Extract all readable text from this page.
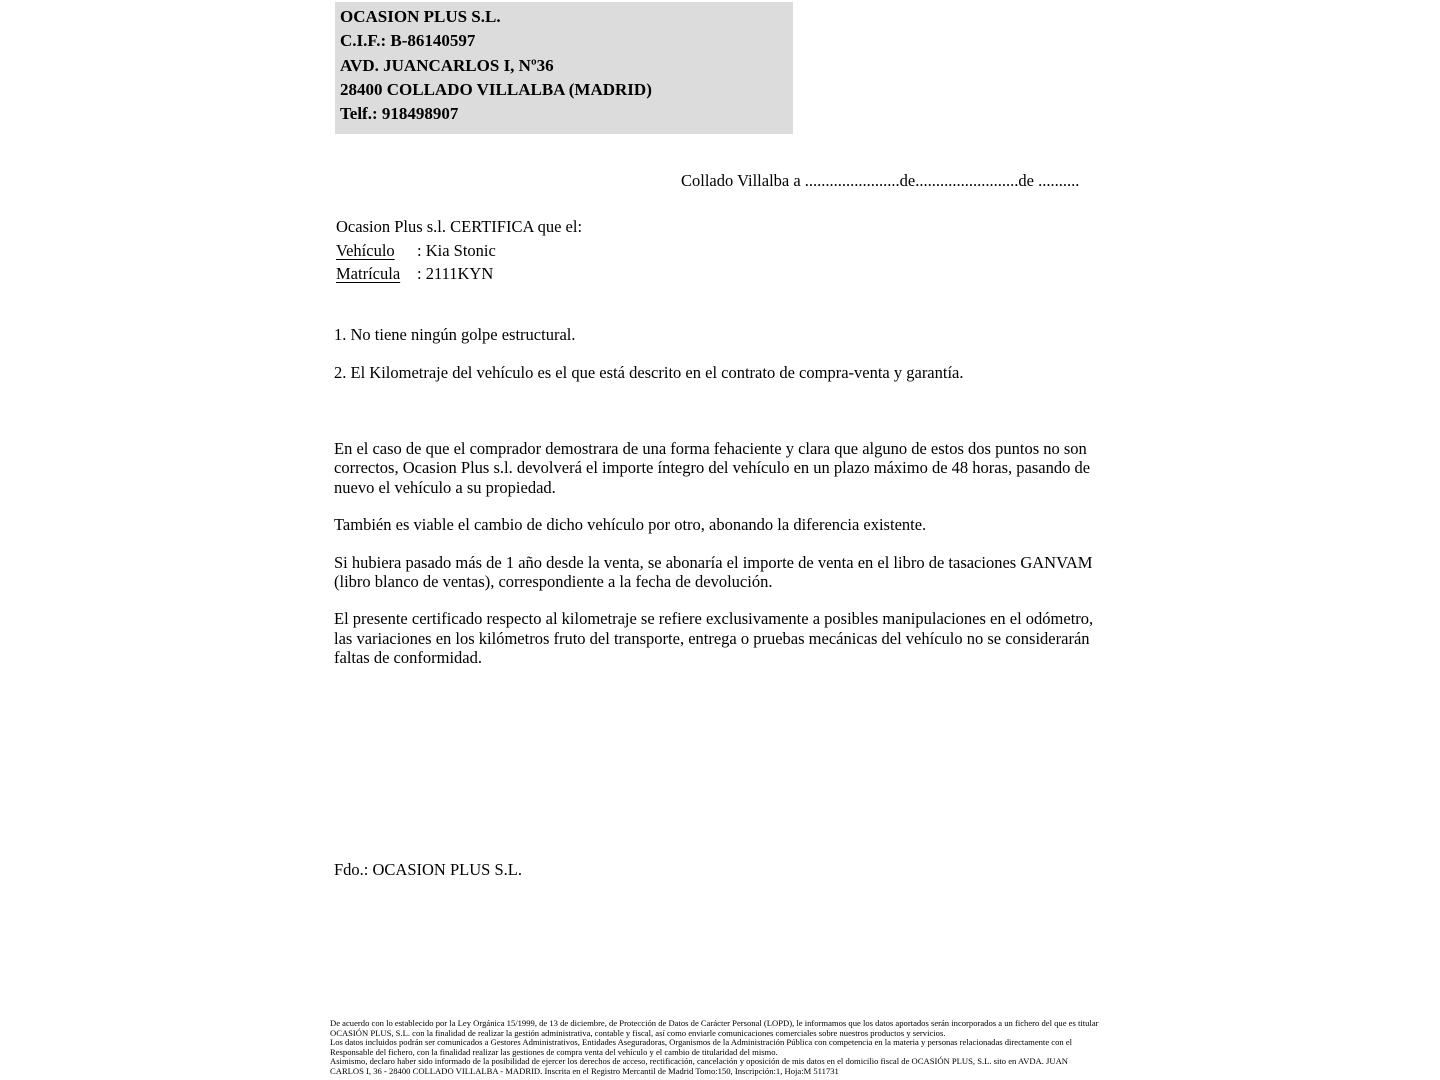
OCASION PLUS S.L.
C.I.F.: B-86140597
AVD. JUANCARLOS I, Nº36
28400 COLLADO VILLALBA (MADRID)
Telf.: 918498907
Collado Villalba a .......................de.........................de ..........
Ocasion Plus s.l. CERTIFICA que el:
Vehículo	: Kia Stonic
Matrícula	: 2111KYN
1. No tiene ningún golpe estructural.
2. El Kilometraje del vehículo es el que está descrito en el contrato de compra-venta y garantía.

En el caso de que el comprador demostrara de una forma fehaciente y clara que alguno de estos dos puntos no son correctos, Ocasion Plus s.l. devolverá el importe íntegro del vehículo en un plazo máximo de 48 horas, pasando de nuevo el vehículo a su propiedad.

También es viable el cambio de dicho vehículo por otro, abonando la diferencia existente.

Si hubiera pasado más de 1 año desde la venta, se abonaría el importe de venta en el libro de tasaciones GANVAM (libro blanco de ventas), correspondiente a la fecha de devolución.

El presente certificado respecto al kilometraje se refiere exclusivamente a posibles manipulaciones en el odómetro, las variaciones en los kilómetros fruto del transporte, entrega o pruebas mecánicas del vehículo no se considerarán faltas de conformidad.

Fdo.: OCASION PLUS S.L.
De acuerdo con lo establecido por la Ley Orgánica 15/1999, de 13 de diciembre, de Protección de Datos de Carácter Personal (LOPD), le informamos que los datos aportados serán incorporados a un fichero del que es titular OCASIÓN PLUS, S.L. con la finalidad de realizar la gestión administrativa, contable y fiscal, así como enviarle comunicaciones comerciales sobre nuestros productos y servicios.
Los datos incluidos podrán ser comunicados a Gestores Administrativos, Entidades Aseguradoras, Organismos de la Administración Pública con competencia en la materia y personas relacionadas directamente con el Responsable del fichero, con la finalidad realizar las gestiones de compra venta del vehículo y el cambio de titularidad del mismo.
Asimismo, declaro haber sido informado de la posibilidad de ejercer los derechos de acceso, rectificación, cancelación y oposición de mis datos en el domicilio fiscal de OCASIÓN PLUS, S.L. sito en AVDA. JUAN CARLOS I, 36 - 28400 COLLADO VILLALBA - MADRID. Inscrita en el Registro Mercantil de Madrid Tomo:150, Inscripción:1, Hoja:M 511731
